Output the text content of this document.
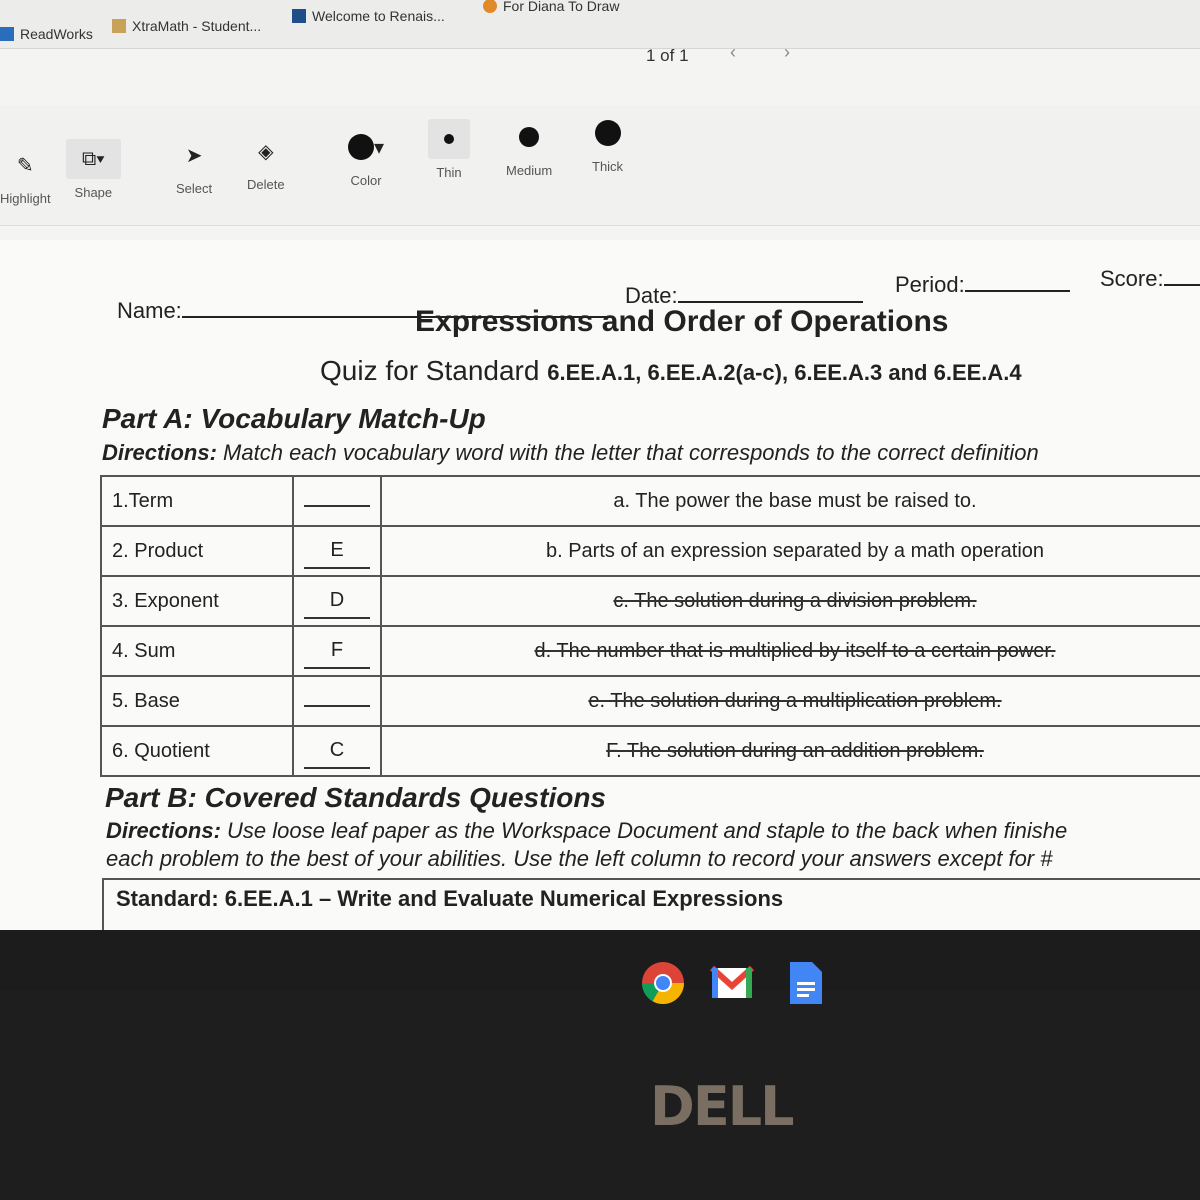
ReadWorks	XtraMath - Student...
Welcome to Renais...
For Diana To Draw
1 of 1 ‹	›
✎
Highlight
⧉▾
Shape
➤
Select
◈
Delete
▾
Color
Thin	Medium	Thick
Name:
Date:	Period:	Score:
Expressions and Order of Operations
Quiz for Standard 6.EE.A.1, 6.EE.A.2(a-c), 6.EE.A.3 and 6.EE.A.4
Part A: Vocabulary Match-Up
Directions: Match each vocabulary word with the letter that corresponds to the correct definition
1.Term		a. The power the base must be raised to.
2. Product	E	b. Parts of an expression separated by a math operation
3. Exponent	D	c. The solution during a division problem.
4. Sum	F	d. The number that is multiplied by itself to a certain power.
5. Base		e. The solution during a multiplication problem.
6. Quotient	C	F. The solution during an addition problem.
Part B: Covered Standards Questions
Directions: Use loose leaf paper as the Workspace Document and staple to the back when finishe
each problem to the best of your abilities. Use the left column to record your answers except for #
Standard: 6.EE.A.1 – Write and Evaluate Numerical Expressions
DELL
